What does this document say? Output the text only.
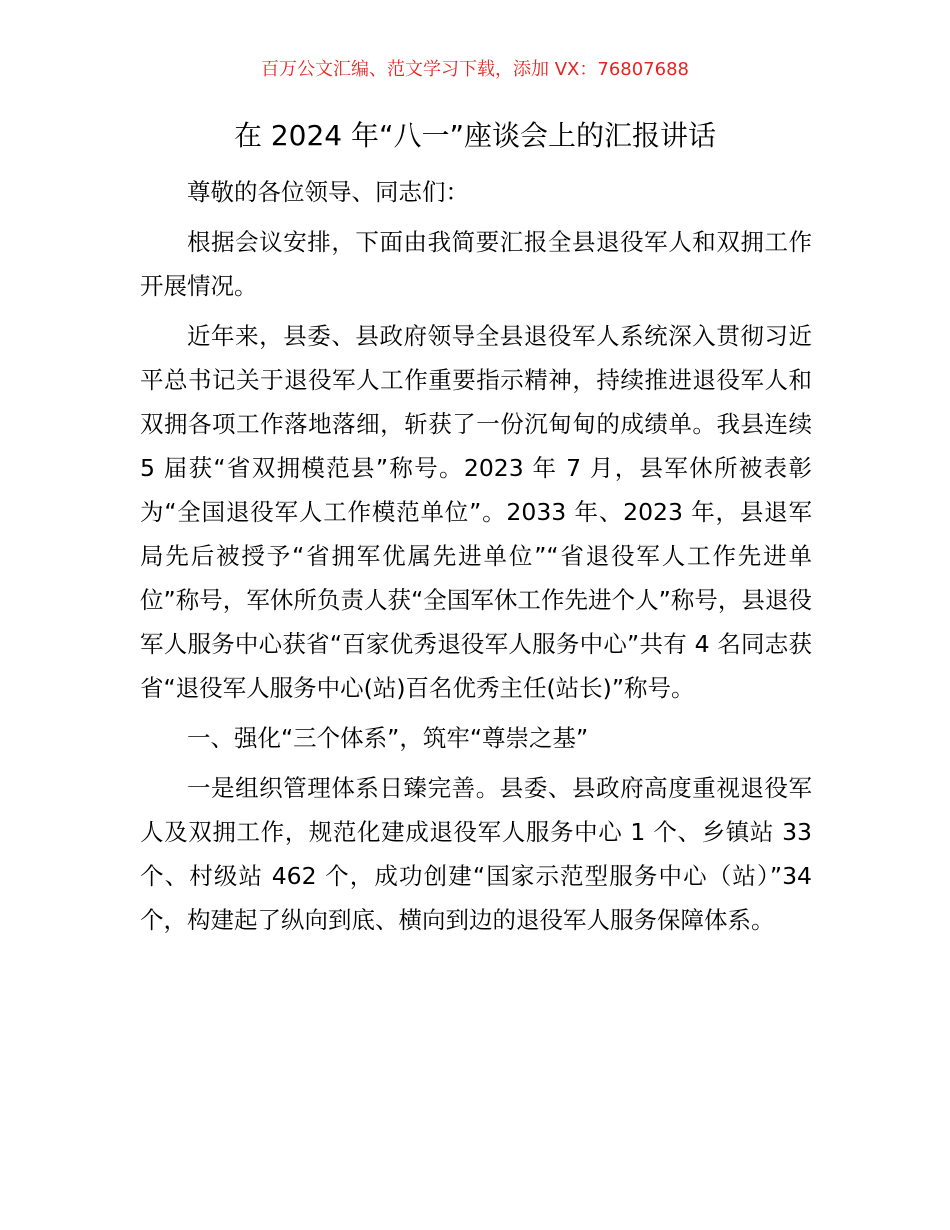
百万公文汇编、范文学习下载，添加 VX：76807688
在 2024 年“八一”座谈会上的汇报讲话

尊敬的各位领导、同志们：

根据会议安排，下面由我简要汇报全县退役军人和双拥工作开展情况。

近年来，县委、县政府领导全县退役军人系统深入贯彻习近平总书记关于退役军人工作重要指示精神，持续推进退役军人和双拥各项工作落地落细，斩获了一份沉甸甸的成绩单。我县连续 5 届获“省双拥模范县”称号。2023 年 7 月，县军休所被表彰为“全国退役军人工作模范单位”。2033 年、2023 年，县退军局先后被授予“省拥军优属先进单位”“省退役军人工作先进单位”称号，军休所负责人获“全国军休工作先进个人”称号，县退役军人服务中心获省“百家优秀退役军人服务中心”共有 4 名同志获省“退役军人服务中心(站)百名优秀主任(站长)”称号。

一、强化“三个体系”，筑牢“尊崇之基”

一是组织管理体系日臻完善。县委、县政府高度重视退役军人及双拥工作，规范化建成退役军人服务中心 1 个、乡镇站 33 个、村级站 462 个，成功创建“国家示范型服务中心（站）”34 个，构建起了纵向到底、横向到边的退役军人服务保障体系。
